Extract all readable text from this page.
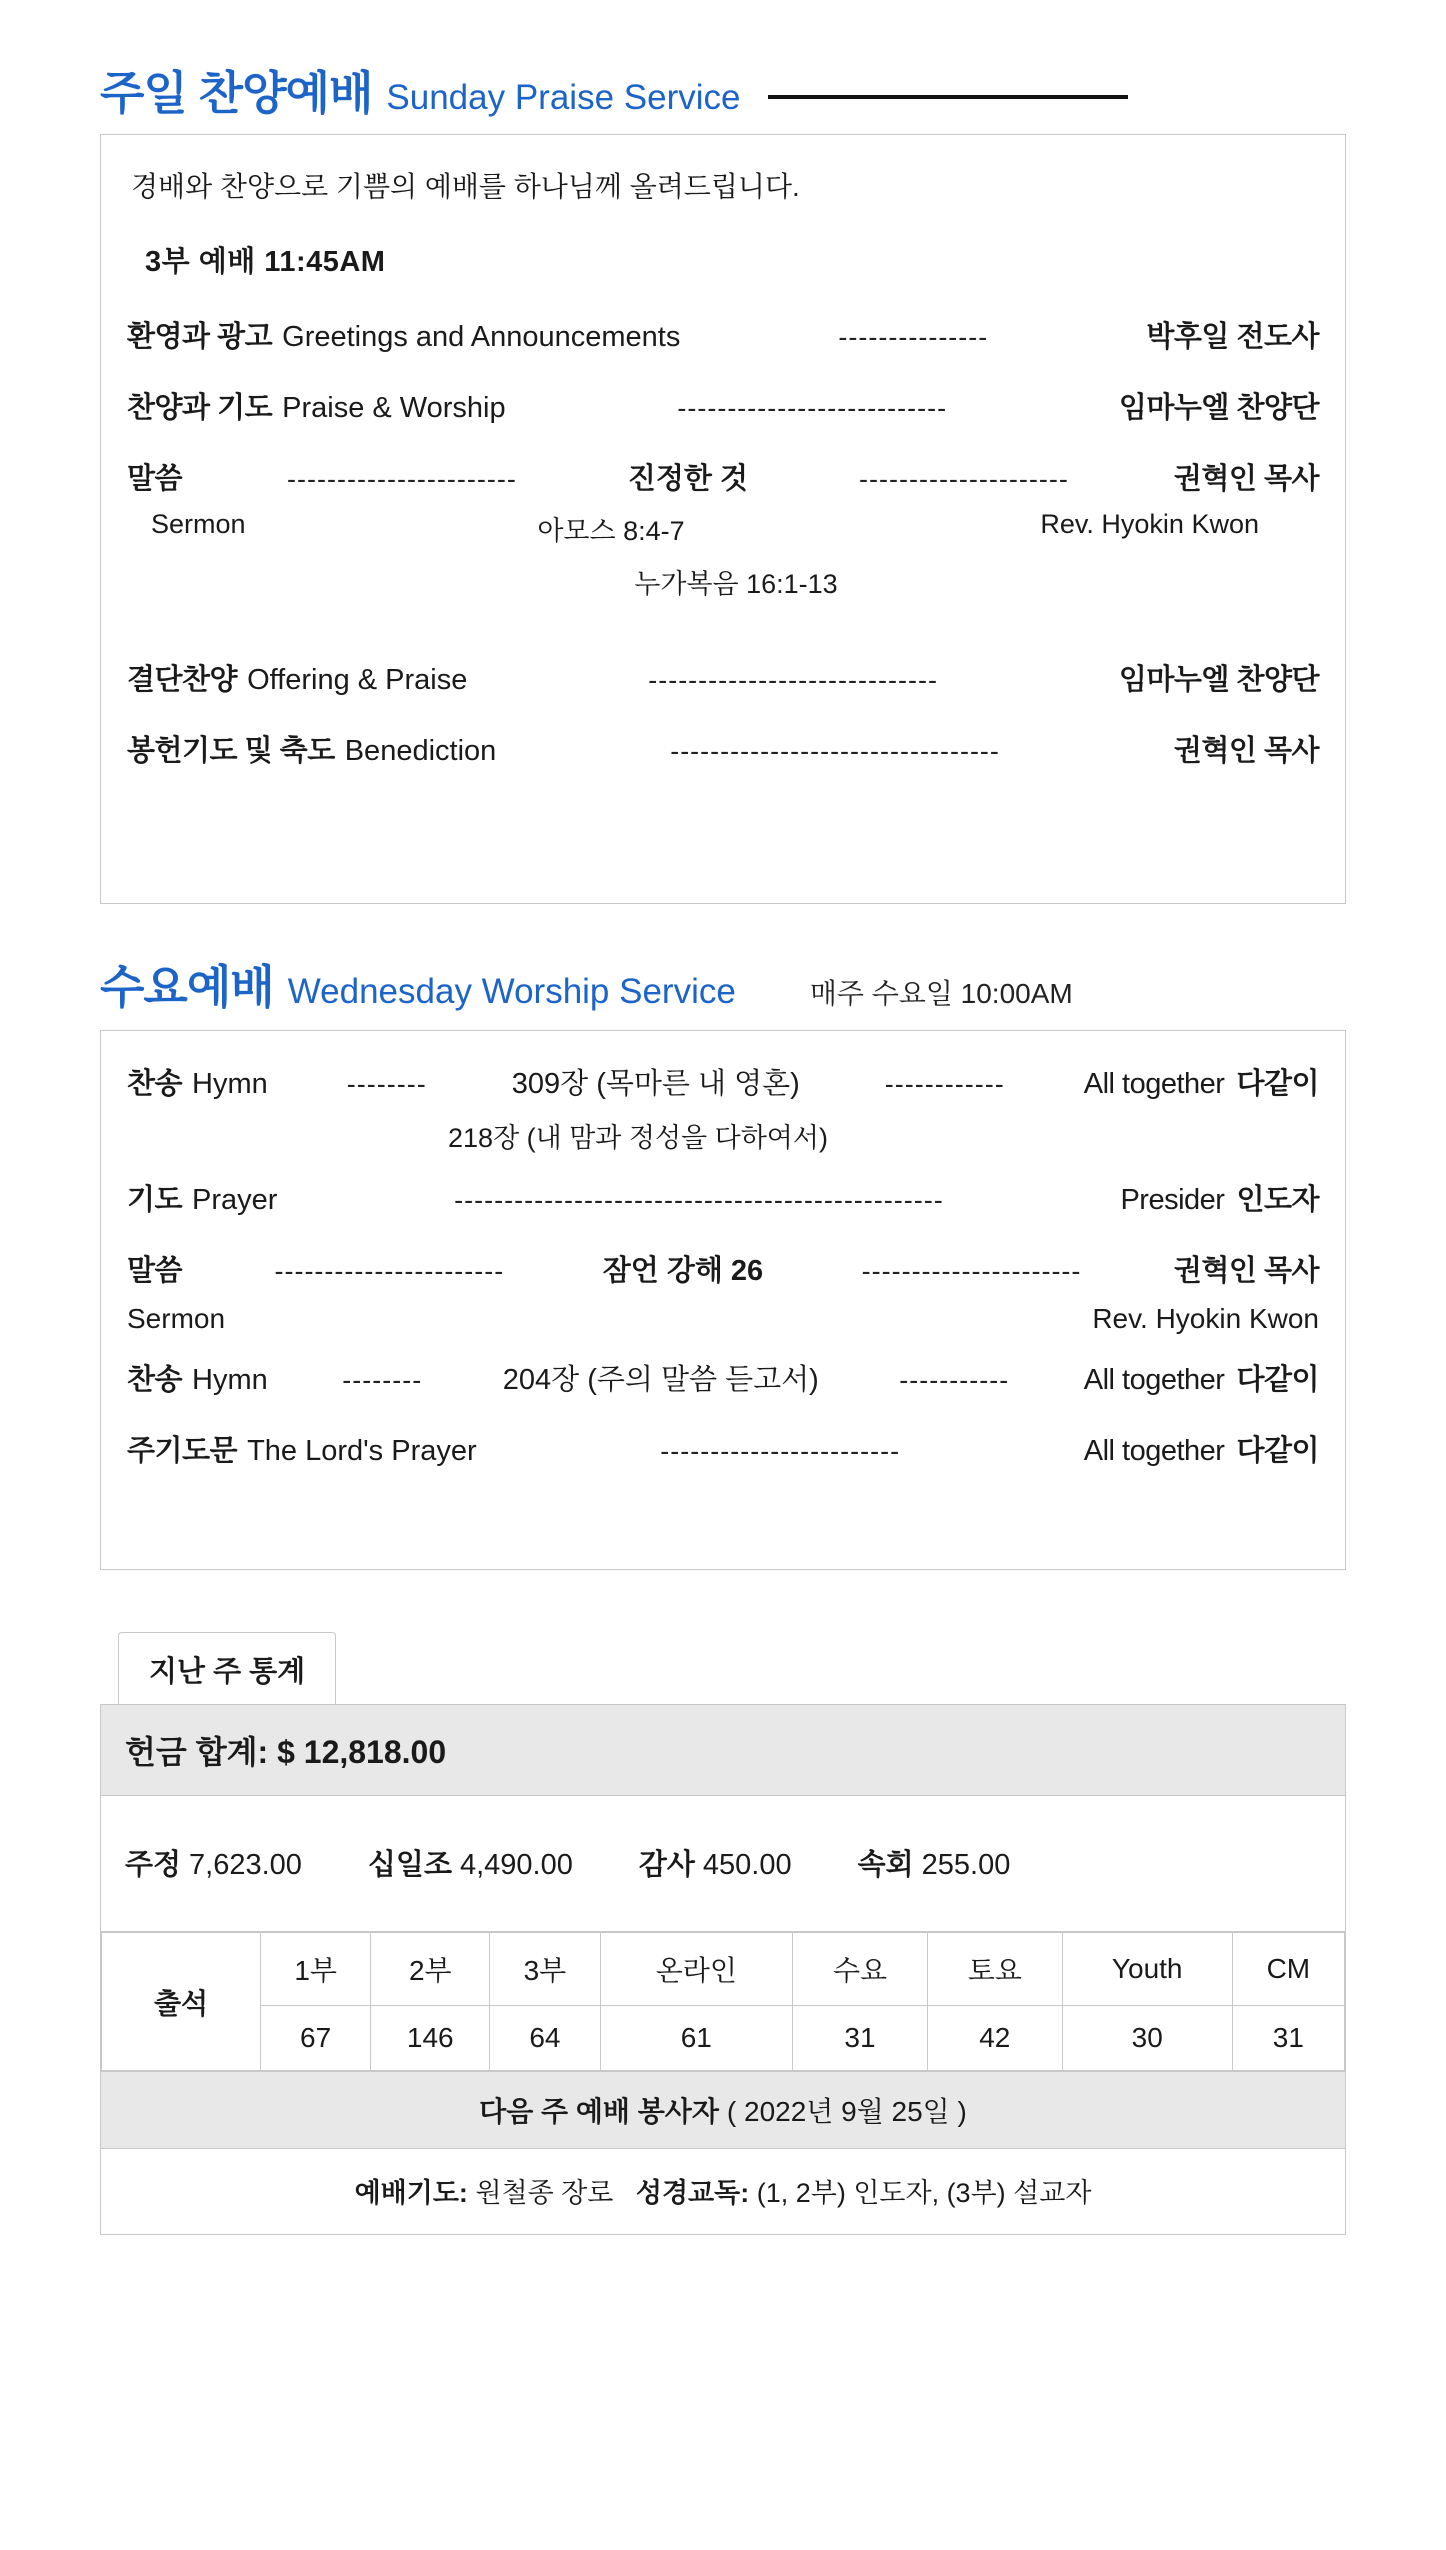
주일 찬양예배 Sunday Praise Service
경배와 찬양으로 기쁨의 예배를 하나님께 올려드립니다.
3부 예배 11:45AM
환영과 광고 Greetings and Announcements	---------------	박후일 전도사
찬양과 기도 Praise & Worship	---------------------------	임마누엘 찬양단
말씀	-----------------------	진정한 것	---------------------	권혁인 목사
Sermon	아모스 8:4-7	Rev. Hyokin Kwon
누가복음 16:1-13
결단찬양 Offering & Praise	-----------------------------	임마누엘 찬양단
봉헌기도 및 축도 Benediction	---------------------------------	권혁인 목사
수요예배 Wednesday Worship Service	매주 수요일 10:00AM
찬송 Hymn	--------	309장 (목마른 내 영혼)	------------	All together 다같이
218장 (내 맘과 정성을 다하여서)
기도 Prayer	-------------------------------------------------	Presider 인도자
말씀	-----------------------	잠언 강해 26	----------------------	권혁인 목사
Sermon	Rev. Hyokin Kwon
찬송 Hymn	--------	204장 (주의 말씀 듣고서)	-----------	All together 다같이
주기도문 The Lord's Prayer	------------------------	All together 다같이
지난 주 통계
헌금 합계: $ 12,818.00
주정 7,623.00 십일조 4,490.00 감사 450.00 속회 255.00
출석	1부	2부	3부	온라인	수요	토요	Youth	CM
	67	146	64	61	31	42	30	31
다음 주 예배 봉사자 ( 2022년 9월 25일 )
예배기도: 원철종 장로 성경교독: (1, 2부) 인도자, (3부) 설교자
